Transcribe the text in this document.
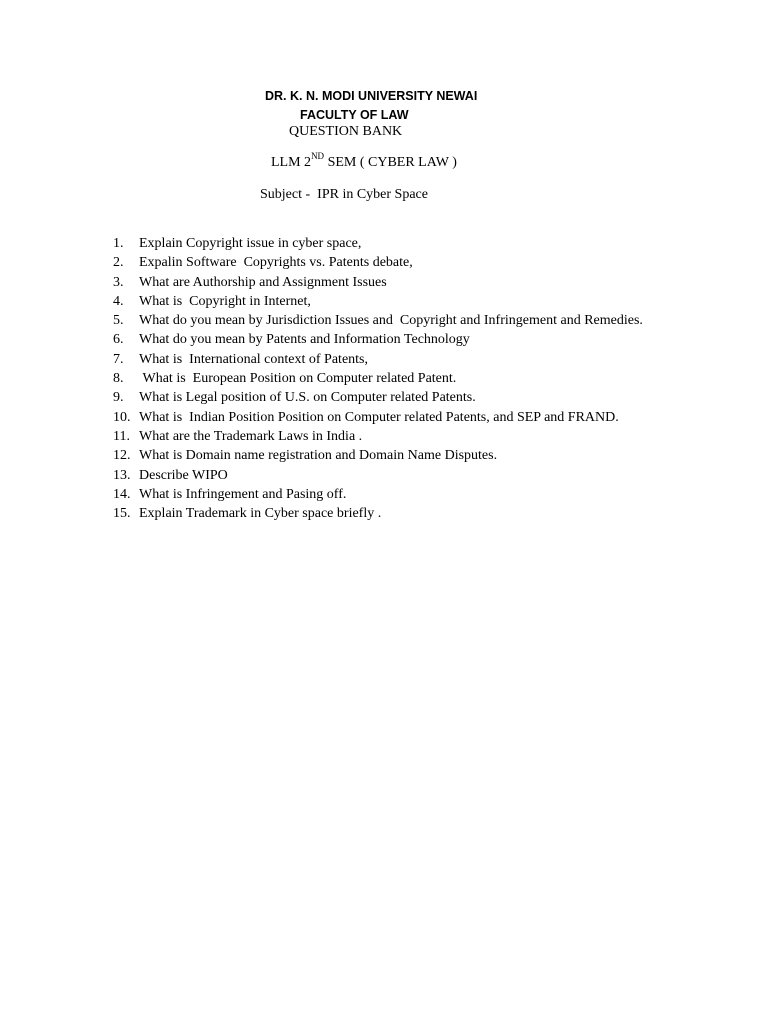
DR. K. N. MODI UNIVERSITY NEWAI
FACULTY OF LAW
QUESTION BANK
LLM 2ND SEM ( CYBER LAW )
Subject -  IPR in Cyber Space
1.	Explain Copyright issue in cyber space,
2.	Expalin Software  Copyrights vs. Patents debate,
3.	What are Authorship and Assignment Issues
4.	What is  Copyright in Internet,
5.	What do you mean by Jurisdiction Issues and  Copyright and Infringement and Remedies.
6.	What do you mean by Patents and Information Technology
7.	What is  International context of Patents,
8.	What is  European Position on Computer related Patent.
9.	What is Legal position of U.S. on Computer related Patents.
10. What is  Indian Position Position on Computer related Patents, and SEP and FRAND.
11. What are the Trademark Laws in India .
12. What is Domain name registration and Domain Name Disputes.
13. Describe WIPO
14. What is Infringement and Pasing off.
15. Explain Trademark in Cyber space briefly .
